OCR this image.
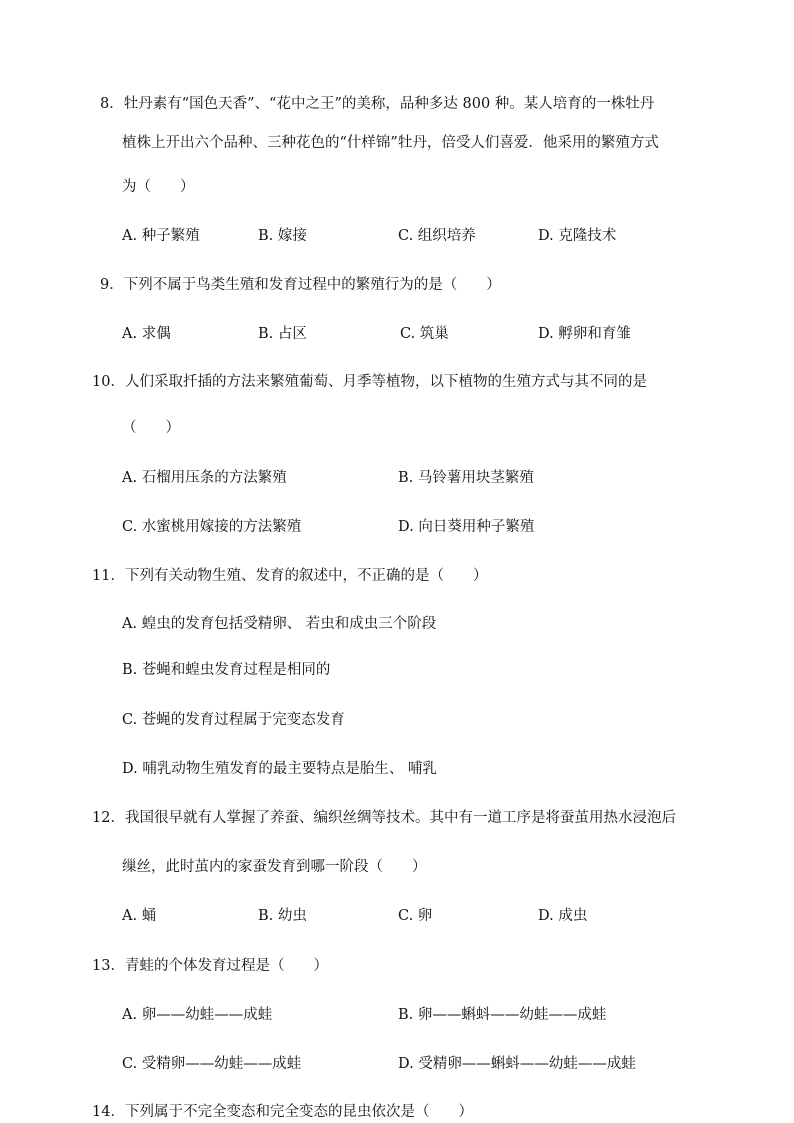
8．牡丹素有“国色天香”、“花中之王”的美称，品种多达 800 种。某人培育的一株牡丹
植株上开出六个品种、三种花色的“什样锦”牡丹，倍受人们喜爱．他采用的繁殖方式
为（　　）
A. 种子繁殖	B. 嫁接	C. 组织培养	D. 克隆技术
9．下列不属于鸟类生殖和发育过程中的繁殖行为的是（　　）
A. 求偶	B. 占区	C. 筑巢	D. 孵卵和育雏
10．人们采取扦插的方法来繁殖葡萄、月季等植物，以下植物的生殖方式与其不同的是
（　　）
A. 石榴用压条的方法繁殖	B. 马铃薯用块茎繁殖
C. 水蜜桃用嫁接的方法繁殖	D. 向日葵用种子繁殖
11．下列有关动物生殖、发育的叙述中，不正确的是（　　）
A. 蝗虫的发育包括受精卵、 若虫和成虫三个阶段
B. 苍蝇和蝗虫发育过程是相同的
C. 苍蝇的发育过程属于完变态发育
D. 哺乳动物生殖发育的最主要特点是胎生、 哺乳
12．我国很早就有人掌握了养蚕、编织丝绸等技术。其中有一道工序是将蚕茧用热水浸泡后
缫丝，此时茧内的家蚕发育到哪一阶段（　　）
A. 蛹	B. 幼虫	C. 卵	D. 成虫
13．青蛙的个体发育过程是（　　）
A. 卵——幼蛙——成蛙	B. 卵——蝌蚪——幼蛙——成蛙
C. 受精卵——幼蛙——成蛙	D. 受精卵——蝌蚪——幼蛙——成蛙
14．下列属于不完全变态和完全变态的昆虫依次是（　　）
